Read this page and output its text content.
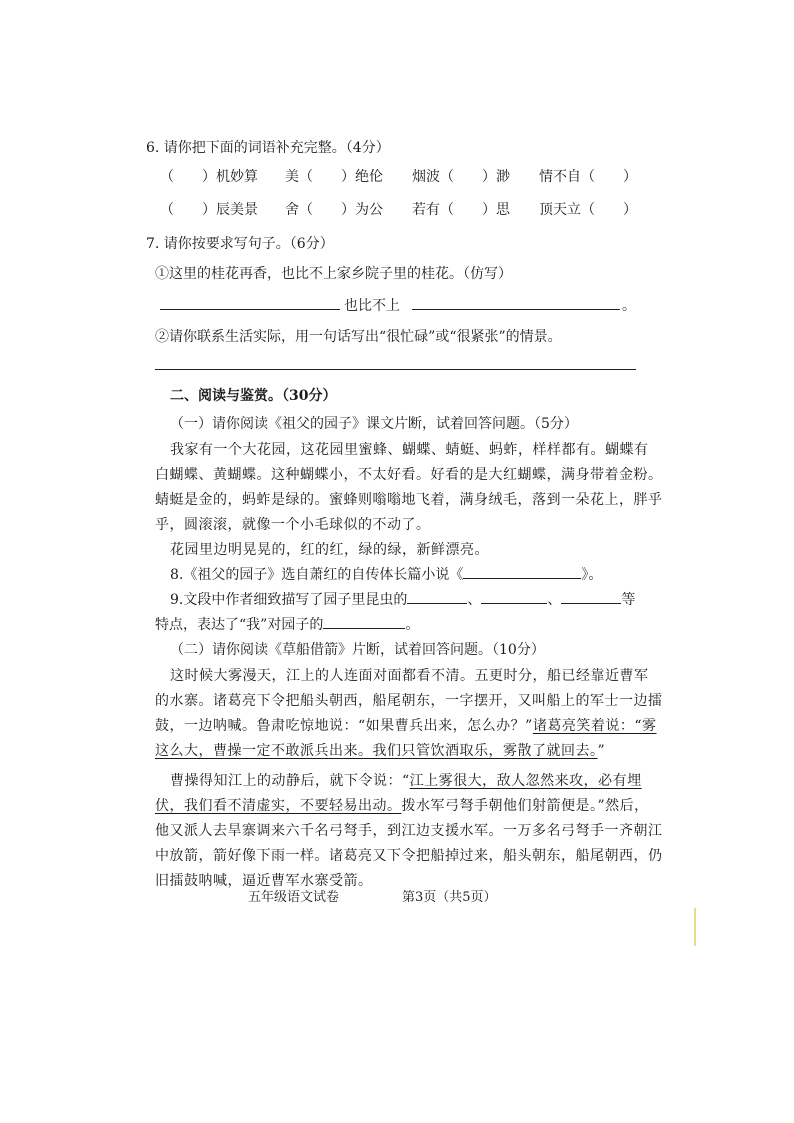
6. 请你把下面的词语补充完整。（4分）
（　　）机妙算 美（　　）绝伦 烟波（　　）渺 情不自（　　）
（　　）辰美景 舍（　　）为公 若有（　　）思 顶天立（　　）
7. 请你按要求写句子。（6分）
①这里的桂花再香，也比不上家乡院子里的桂花。（仿写）
也比不上	。
②请你联系生活实际，用一句话写出“很忙碌”或“很紧张”的情景。
二、阅读与鉴赏。（30分）
（一）请你阅读《祖父的园子》课文片断，试着回答问题。（5分）
我家有一个大花园，这花园里蜜蜂、蝴蝶、蜻蜓、蚂蚱，样样都有。蝴蝶有
白蝴蝶、黄蝴蝶。这种蝴蝶小，不太好看。好看的是大红蝴蝶，满身带着金粉。
蜻蜓是金的，蚂蚱是绿的。蜜蜂则嗡嗡地飞着，满身绒毛，落到一朵花上，胖乎
乎，圆滚滚，就像一个小毛球似的不动了。
花园里边明晃晃的，红的红，绿的绿，新鲜漂亮。
8.《祖父的园子》选自萧红的自传体长篇小说《	》。
9.文段中作者细致描写了园子里昆虫的	、	、	等
特点，表达了“我”对园子的	。
（二）请你阅读《草船借箭》片断，试着回答问题。（10分）
这时候大雾漫天，江上的人连面对面都看不清。五更时分，船已经靠近曹军
的水寨。诸葛亮下令把船头朝西，船尾朝东，一字摆开，又叫船上的军士一边擂
鼓，一边呐喊。鲁肃吃惊地说：“如果曹兵出来，怎么办？”诸葛亮笑着说：“雾
这么大，曹操一定不敢派兵出来。我们只管饮酒取乐，雾散了就回去。”
曹操得知江上的动静后，就下令说：“江上雾很大，敌人忽然来攻，必有埋
伏，我们看不清虚实，不要轻易出动。拨水军弓弩手朝他们射箭便是。”然后，
他又派人去旱寨调来六千名弓弩手，到江边支援水军。一万多名弓弩手一齐朝江
中放箭，箭好像下雨一样。诸葛亮又下令把船掉过来，船头朝东，船尾朝西，仍
旧擂鼓呐喊，逼近曹军水寨受箭。
五年级语文试卷	第3页（共5页）
